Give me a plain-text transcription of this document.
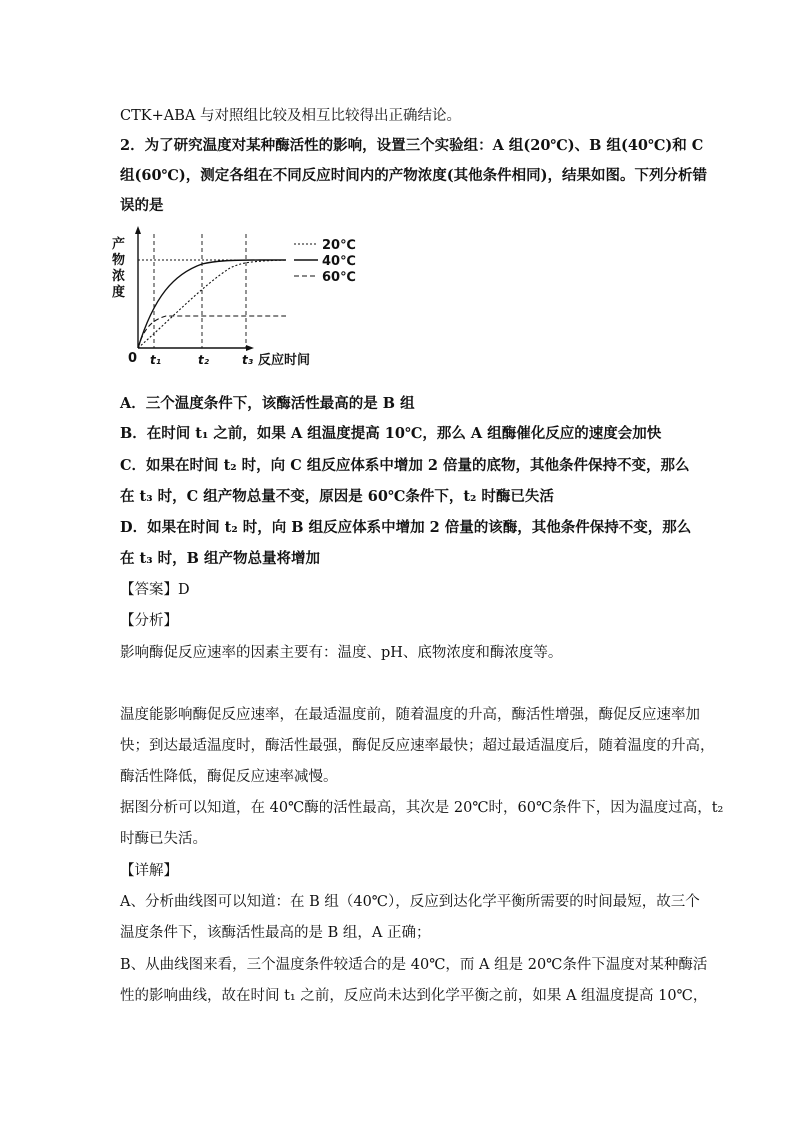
CTK+ABA 与对照组比较及相互比较得出正确结论。
2．为了研究温度对某种酶活性的影响，设置三个实验组：A 组(20℃)、B 组(40℃)和 C
组(60℃)，测定各组在不同反应时间内的产物浓度(其他条件相同)，结果如图。下列分析错
误的是
产
物
浓
度
0 t₁	t₂	t₃ 反应时间
20℃
40℃
60℃
A．三个温度条件下，该酶活性最高的是 B 组
B．在时间 t₁ 之前，如果 A 组温度提高 10℃，那么 A 组酶催化反应的速度会加快
C．如果在时间 t₂ 时，向 C 组反应体系中增加 2 倍量的底物，其他条件保持不变，那么
在 t₃ 时，C 组产物总量不变，原因是 60℃条件下，t₂ 时酶已失活
D．如果在时间 t₂ 时，向 B 组反应体系中增加 2 倍量的该酶，其他条件保持不变，那么
在 t₃ 时，B 组产物总量将增加
【答案】D
【分析】
影响酶促反应速率的因素主要有：温度、pH、底物浓度和酶浓度等。
温度能影响酶促反应速率，在最适温度前，随着温度的升高，酶活性增强，酶促反应速率加
快；到达最适温度时，酶活性最强，酶促反应速率最快；超过最适温度后，随着温度的升高，
酶活性降低，酶促反应速率减慢。
据图分析可以知道，在 40℃酶的活性最高，其次是 20℃时，60℃条件下，因为温度过高，t₂
时酶已失活。
【详解】
A、分析曲线图可以知道：在 B 组（40℃），反应到达化学平衡所需要的时间最短，故三个
温度条件下，该酶活性最高的是 B 组，A 正确；
B、从曲线图来看，三个温度条件较适合的是 40℃，而 A 组是 20℃条件下温度对某种酶活
性的影响曲线，故在时间 t₁ 之前，反应尚未达到化学平衡之前，如果 A 组温度提高 10℃，
